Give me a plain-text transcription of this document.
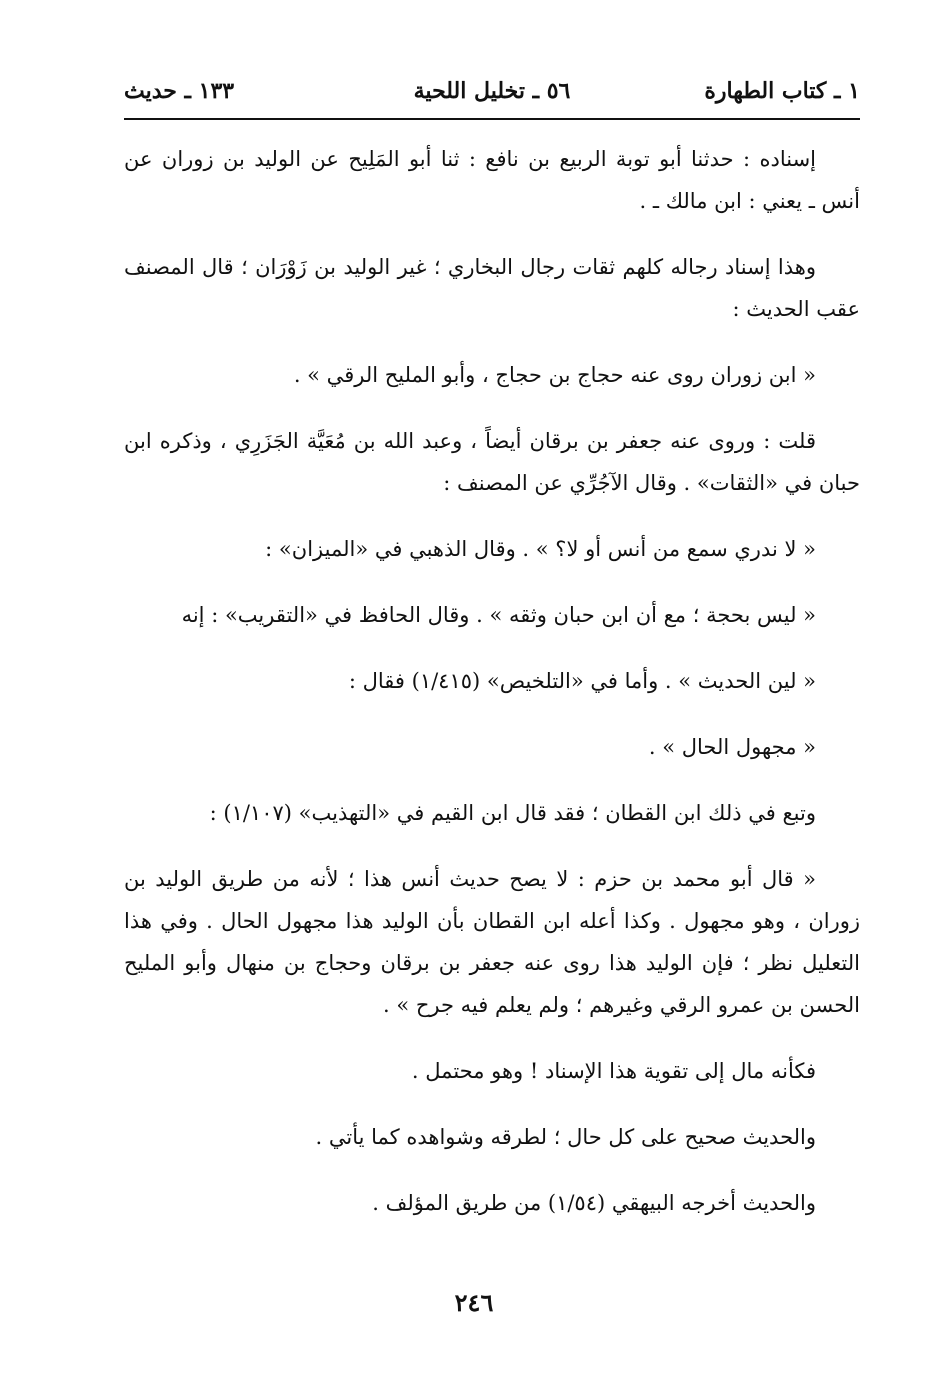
١ ـ كتاب الطهارة
٥٦ ـ تخليل اللحية
١٣٣ ـ حديث

إسناده : حدثنا أبو توبة الربيع بن نافع : ثنا أبو المَلِيح عن الوليد بن زوران عن أنس ـ يعني : ابن مالك ـ .

وهذا إسناد رجاله كلهم ثقات رجال البخاري ؛ غير الوليد بن زَوْرَان ؛ قال المصنف عقب الحديث :

« ابن زوران روى عنه حجاج بن حجاج ، وأبو المليح الرقي » .

قلت : وروى عنه جعفر بن برقان أيضاً ، وعبد الله بن مُعَيَّة الجَزَرِي ، وذكره ابن حبان في «الثقات» . وقال الآجُرِّي عن المصنف :

« لا ندري سمع من أنس أو لا؟ » . وقال الذهبي في «الميزان» :

« ليس بحجة ؛ مع أن ابن حبان وثقه » . وقال الحافظ في «التقريب» : إنه

« لين الحديث » . وأما في «التلخيص» (١/٤١٥) فقال :

« مجهول الحال » .

وتبع في ذلك ابن القطان ؛ فقد قال ابن القيم في «التهذيب» (١/١٠٧) :

« قال أبو محمد بن حزم : لا يصح حديث أنس هذا ؛ لأنه من طريق الوليد بن زوران ، وهو مجهول . وكذا أعله ابن القطان بأن الوليد هذا مجهول الحال . وفي هذا التعليل نظر ؛ فإن الوليد هذا روى عنه جعفر بن برقان وحجاج بن منهال وأبو المليح الحسن بن عمرو الرقي وغيرهم ؛ ولم يعلم فيه جرح » .

فكأنه مال إلى تقوية هذا الإسناد ! وهو محتمل .

والحديث صحيح على كل حال ؛ لطرقه وشواهده كما يأتي .

والحديث أخرجه البيهقي (١/٥٤) من طريق المؤلف .

٢٤٦
